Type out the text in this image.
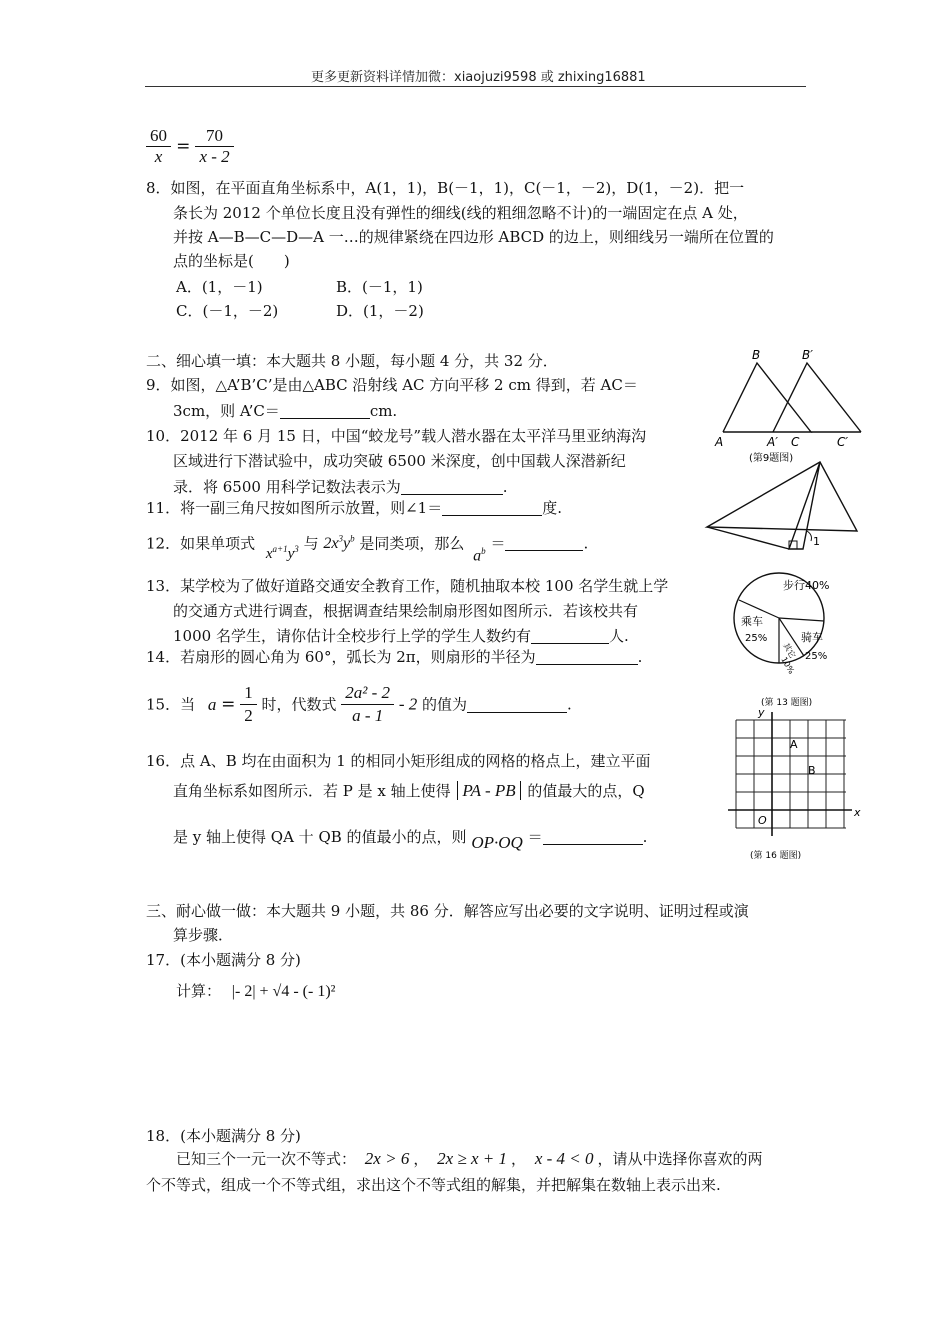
更多更新资料详情加微：xiaojuzi9598 或 zhixing16881
$\frac{60}{x} = \frac{70}{x - 2}$
8．如图，在平面直角坐标系中，A(1，1)，B(－1，1)，C(－1，－2)，D(1，－2)．把一
条长为 2012 个单位长度且没有弹性的细线(线的粗细忽略不计)的一端固定在点 A 处，
并按 A—B—C—D—A 一…的规律紧绕在四边形 ABCD 的边上，则细线另一端所在位置的
点的坐标是(　　)
A．(1，－1)	B．(－1，1)
C．(－1，－2)	D．(1，－2)
二、细心填一填：本大题共 8 小题，每小题 4 分，共 32 分．
9．如图，△A’B’C’是由△ABC 沿射线 AC 方向平移 2 cm 得到，若 AC＝
3cm，则 A’C＝	cm.
10．2012 年 6 月 15 日，中国“蛟龙号”载人潜水器在太平洋马里亚纳海沟
区域进行下潜试验中，成功突破 6500 米深度，创中国载人深潜新纪
录．将 6500 用科学记数法表示为	.
11．将一副三角尺按如图所示放置，则∠1＝	度.
12．如果单项式 $x^{a+1}y^3$ 与 $2x^3y^b$ 是同类项，那么 $a^b$ ＝	.
13．某学校为了做好道路交通安全教育工作，随机抽取本校 100 名学生就上学
的交通方式进行调查，根据调查结果绘制扇形图如图所示．若该校共有
1000 名学生，请你估计全校步行上学的学生人数约有	人.
14．若扇形的圆心角为 60°，弧长为 2π，则扇形的半径为	.
15．当 $a = \frac{1}{2}$ 时，代数式 $\frac{\text{2a² - 2}}{a - 1} - 2$ 的值为	.
16．点 A、B 均在由面积为 1 的相同小矩形组成的网格的格点上，建立平面
直角坐标系如图所示．若 P 是 x 轴上使得 PA - PB 的值最大的点，Q
是 y 轴上使得 QA 十 QB 的值最小的点，则 OP·OQ ＝	.
三、耐心做一做：本大题共 9 小题，共 86 分．解答应写出必要的文字说明、证明过程或演
算步骤．
17．(本小题满分 8 分)
计算： |- 2| + √4 - (- 1)²
18．(本小题满分 8 分)
已知三个一元一次不等式： 2x > 6 ， 2x ≥ x + 1 ， x - 4 < 0 ，请从中选择你喜欢的两
个不等式，组成一个不等式组，求出这个不等式组的解集，并把解集在数轴上表示出来.
B	B′
A	A′ C	C′
(第9题图)
1
步行40%
乘车
25%	骑车
25%
其它
10%
(第 13 题图)
y
x
O
A
B
(第 16 题图)
